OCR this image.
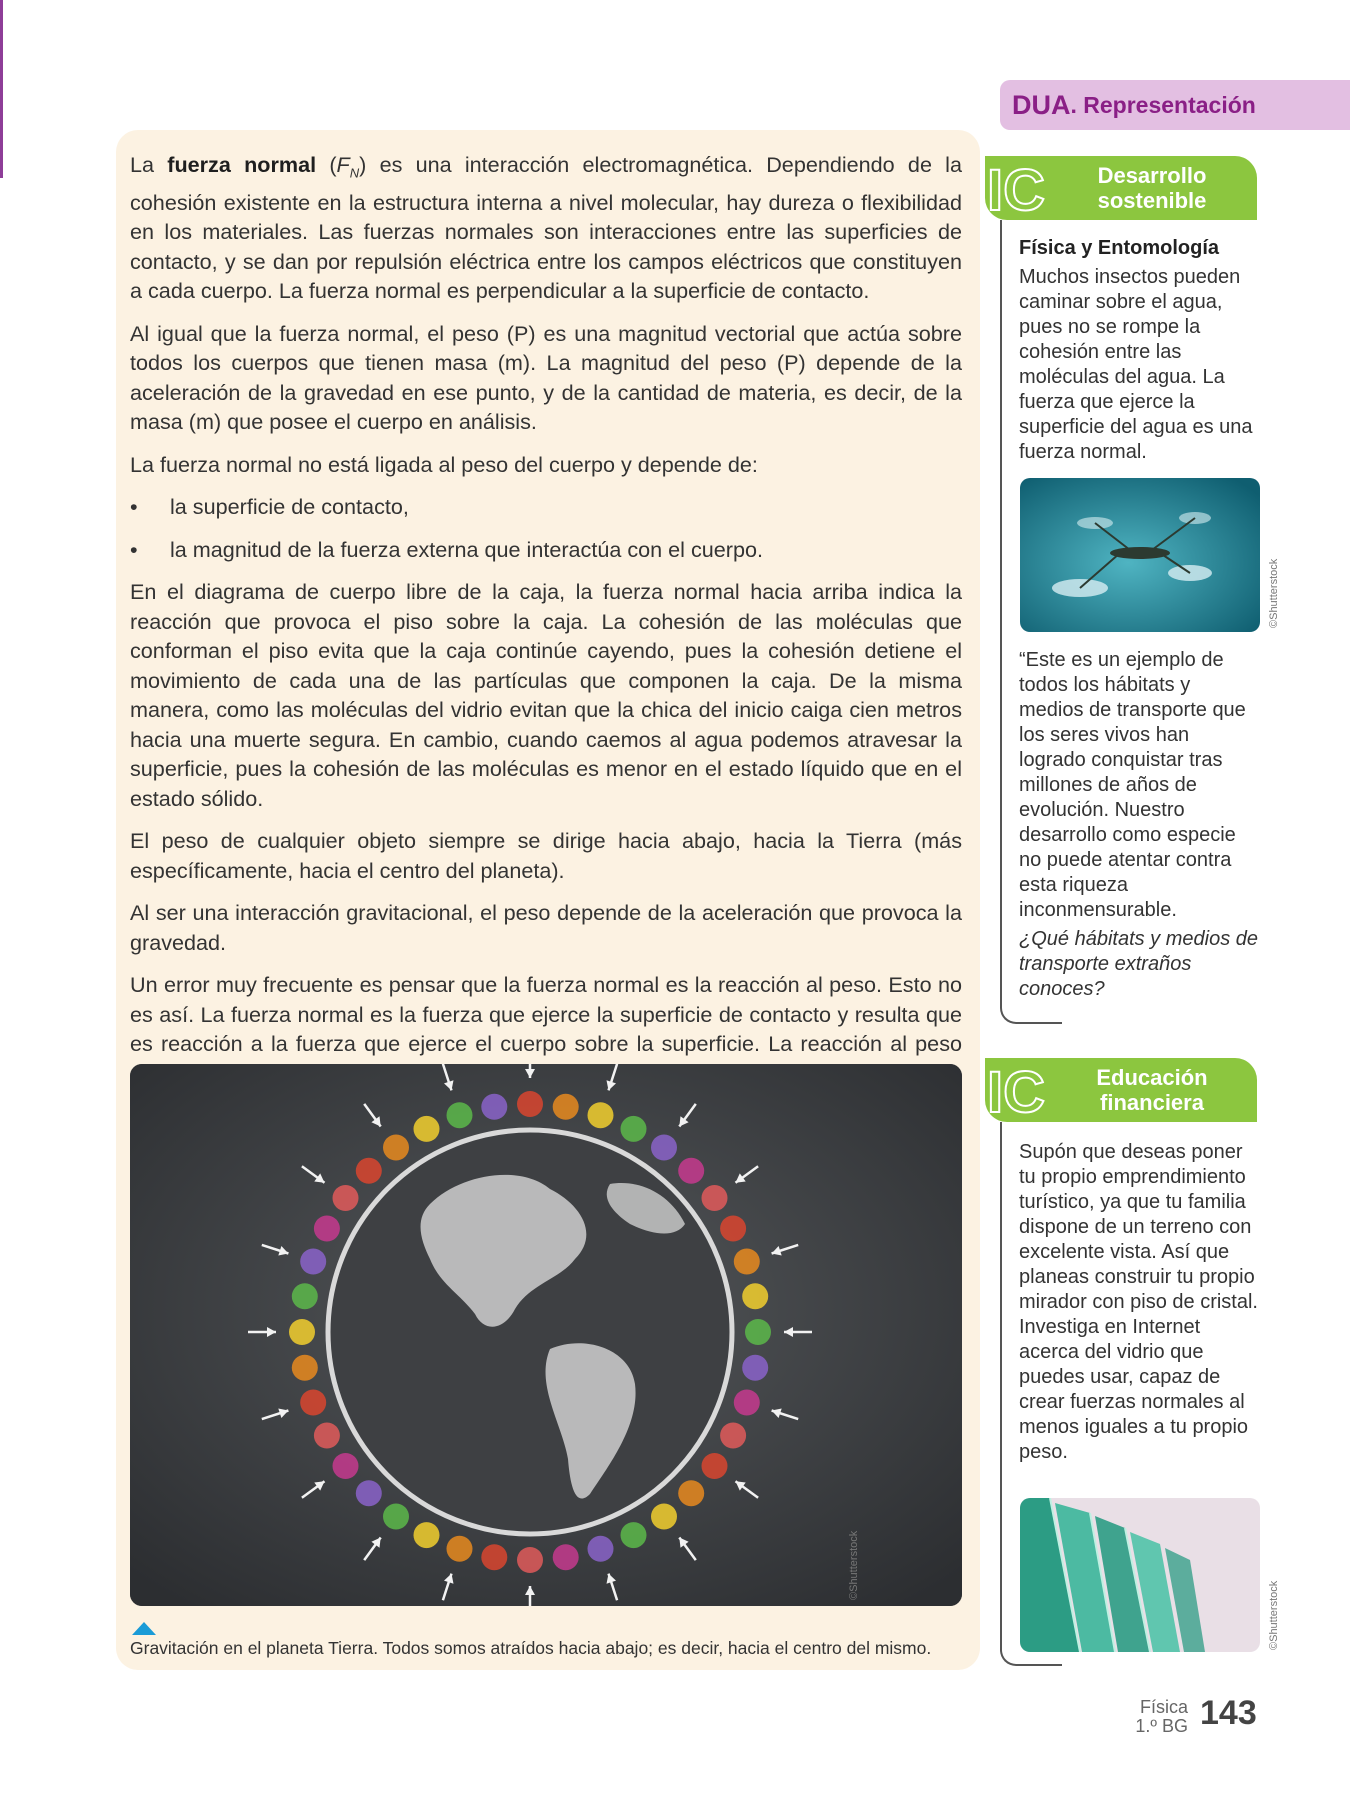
DUA . Representación

La fuerza normal $(F_N)$ es una interacción electromagnética. Dependiendo de la cohesión existente en la estructura interna a nivel molecular, hay dureza o flexibilidad en los materiales. Las fuerzas normales son interacciones entre las superficies de contacto, y se dan por repulsión eléctrica entre los campos eléctricos que constituyen a cada cuerpo. La fuerza normal es perpendicular a la superficie de contacto.

Al igual que la fuerza normal, el peso (P) es una magnitud vectorial que actúa sobre todos los cuerpos que tienen masa (m). La magnitud del peso (P) depende de la aceleración de la gravedad en ese punto, y de la cantidad de materia, es decir, de la masa (m) que posee el cuerpo en análisis.

La fuerza normal no está ligada al peso del cuerpo y depende de:

• la superficie de contacto,
• la magnitud de la fuerza externa que interactúa con el cuerpo.

En el diagrama de cuerpo libre de la caja, la fuerza normal hacia arriba indica la reacción que provoca el piso sobre la caja. La cohesión de las moléculas que conforman el piso evita que la caja continúe cayendo, pues la cohesión detiene el movimiento de cada una de las partículas que componen la caja. De la misma manera, como las moléculas del vidrio evitan que la chica del inicio caiga cien metros hacia una muerte segura. En cambio, cuando caemos al agua podemos atravesar la superficie, pues la cohesión de las moléculas es menor en el estado líquido que en el estado sólido.

El peso de cualquier objeto siempre se dirige hacia abajo, hacia la Tierra (más específicamente, hacia el centro del planeta).

Al ser una interacción gravitacional, el peso depende de la aceleración que provoca la gravedad.

Un error muy frecuente es pensar que la fuerza normal es la reacción al peso. Esto no es así. La fuerza normal es la fuerza que ejerce la superficie de contacto y resulta que es reacción a la fuerza que ejerce el cuerpo sobre la superficie. La reacción al peso

©Shutterstock
Gravitación en el planeta Tierra. Todos somos atraídos hacia abajo; es decir, hacia el centro del mismo.
IC	Desarrollo sostenible
Física y Entomología
Muchos insectos pueden caminar sobre el agua, pues no se rompe la cohesión entre las moléculas del agua. La fuerza que ejerce la superficie del agua es una fuerza normal.
©Shutterstock
“Este es un ejemplo de todos los hábitats y medios de transporte que los seres vivos han logrado conquistar tras millones de años de evolución. Nuestro desarrollo como especie no puede atentar contra esta riqueza inconmensurable.
¿Qué hábitats y medios de transporte extraños conoces?
IC	Educación financiera
Supón que deseas poner tu propio emprendimiento turístico, ya que tu familia dispone de un terreno con excelente vista. Así que planeas construir tu propio mirador con piso de cristal. Investiga en Internet acerca del vidrio que puedes usar, capaz de crear fuerzas normales al menos iguales a tu propio peso.
©Shutterstock
Física
1.º BG 143
